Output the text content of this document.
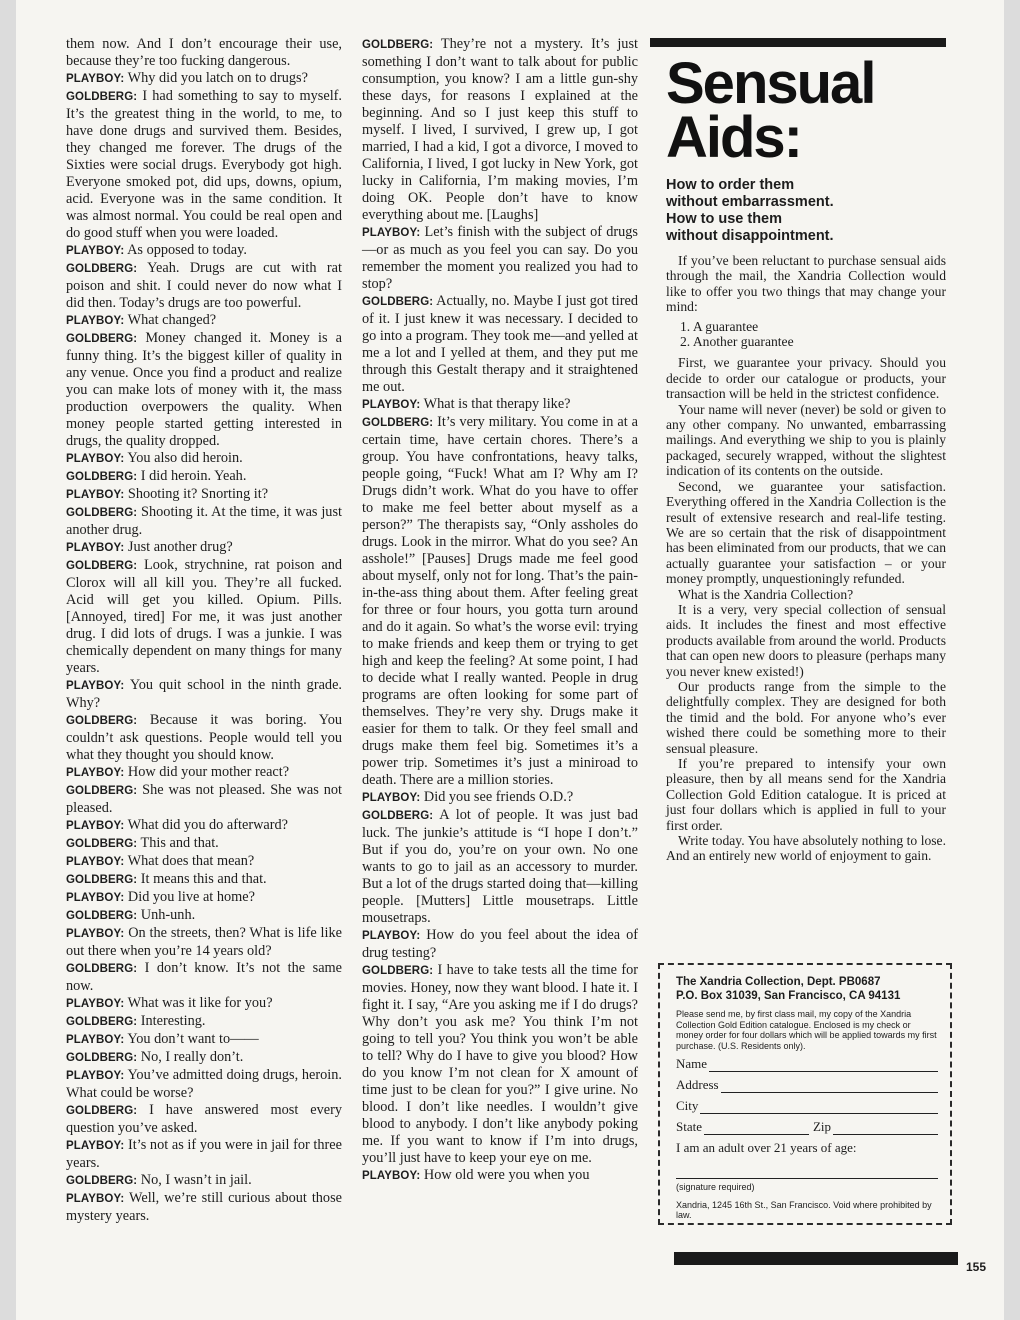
them now. And I don’t encourage their use, because they’re too fucking dangerous.

PLAYBOY: Why did you latch on to drugs?

GOLDBERG: I had something to say to myself. It’s the greatest thing in the world, to me, to have done drugs and survived them. Besides, they changed me forever. The drugs of the Sixties were social drugs. Everybody got high. Everyone smoked pot, did ups, downs, opium, acid. Everyone was in the same condition. It was almost normal. You could be real open and do good stuff when you were loaded.

PLAYBOY: As opposed to today.

GOLDBERG: Yeah. Drugs are cut with rat poison and shit. I could never do now what I did then. Today’s drugs are too powerful.

PLAYBOY: What changed?

GOLDBERG: Money changed it. Money is a funny thing. It’s the biggest killer of quality in any venue. Once you find a product and realize you can make lots of money with it, the mass production overpowers the quality. When money people started getting interested in drugs, the quality dropped.

PLAYBOY: You also did heroin.

GOLDBERG: I did heroin. Yeah.

PLAYBOY: Shooting it? Snorting it?

GOLDBERG: Shooting it. At the time, it was just another drug.

PLAYBOY: Just another drug?

GOLDBERG: Look, strychnine, rat poison and Clorox will all kill you. They’re all fucked. Acid will get you killed. Opium. Pills. [Annoyed, tired] For me, it was just another drug. I did lots of drugs. I was a junkie. I was chemically dependent on many things for many years.

PLAYBOY: You quit school in the ninth grade. Why?

GOLDBERG: Because it was boring. You couldn’t ask questions. People would tell you what they thought you should know.

PLAYBOY: How did your mother react?

GOLDBERG: She was not pleased. She was not pleased.

PLAYBOY: What did you do afterward?

GOLDBERG: This and that.

PLAYBOY: What does that mean?

GOLDBERG: It means this and that.

PLAYBOY: Did you live at home?

GOLDBERG: Unh-unh.

PLAYBOY: On the streets, then? What is life like out there when you’re 14 years old?

GOLDBERG: I don’t know. It’s not the same now.

PLAYBOY: What was it like for you?

GOLDBERG: Interesting.

PLAYBOY: You don’t want to——

GOLDBERG: No, I really don’t.

PLAYBOY: You’ve admitted doing drugs, heroin. What could be worse?

GOLDBERG: I have answered most every question you’ve asked.

PLAYBOY: It’s not as if you were in jail for three years.

GOLDBERG: No, I wasn’t in jail.

PLAYBOY: Well, we’re still curious about those mystery years.

GOLDBERG: They’re not a mystery. It’s just something I don’t want to talk about for public consumption, you know? I am a little gun-shy these days, for reasons I explained at the beginning. And so I just keep this stuff to myself. I lived, I survived, I grew up, I got married, I had a kid, I got a divorce, I moved to California, I lived, I got lucky in New York, got lucky in California, I’m making movies, I’m doing OK. People don’t have to know everything about me. [Laughs]

PLAYBOY: Let’s finish with the subject of drugs—or as much as you feel you can say. Do you remember the moment you realized you had to stop?

GOLDBERG: Actually, no. Maybe I just got tired of it. I just knew it was necessary. I decided to go into a program. They took me—and yelled at me a lot and I yelled at them, and they put me through this Gestalt therapy and it straightened me out.

PLAYBOY: What is that therapy like?

GOLDBERG: It’s very military. You come in at a certain time, have certain chores. There’s a group. You have confrontations, heavy talks, people going, “Fuck! What am I? Why am I? Drugs didn’t work. What do you have to offer to make me feel better about myself as a person?” The therapists say, “Only assholes do drugs. Look in the mirror. What do you see? An asshole!” [Pauses] Drugs made me feel good about myself, only not for long. That’s the pain-in-the-ass thing about them. After feeling great for three or four hours, you gotta turn around and do it again. So what’s the worse evil: trying to make friends and keep them or trying to get high and keep the feeling? At some point, I had to decide what I really wanted. People in drug programs are often looking for some part of themselves. They’re very shy. Drugs make it easier for them to talk. Or they feel small and drugs make them feel big. Sometimes it’s a power trip. Sometimes it’s just a miniroad to death. There are a million stories.

PLAYBOY: Did you see friends O.D.?

GOLDBERG: A lot of people. It was just bad luck. The junkie’s attitude is “I hope I don’t.” But if you do, you’re on your own. No one wants to go to jail as an accessory to murder. But a lot of the drugs started doing that—killing people. [Mutters] Little mousetraps. Little mousetraps.

PLAYBOY: How do you feel about the idea of drug testing?

GOLDBERG: I have to take tests all the time for movies. Honey, now they want blood. I hate it. I fight it. I say, “Are you asking me if I do drugs? Why don’t you ask me? You think I’m not going to tell you? You think you won’t be able to tell? Why do I have to give you blood? How do you know I’m not clean for X amount of time just to be clean for you?” I give urine. No blood. I don’t like needles. I wouldn’t give blood to anybody. I don’t like anybody poking me. If you want to know if I’m into drugs, you’ll just have to keep your eye on me.

PLAYBOY: How old were you when you

Sensual
Aids:
How to order them
without embarrassment.
How to use them
without disappointment.

If you’ve been reluctant to purchase sensual aids through the mail, the Xandria Collection would like to offer you two things that may change your mind:

1. A guarantee
2. Another guarantee

First, we guarantee your privacy. Should you decide to order our catalogue or products, your transaction will be held in the strictest confidence.

Your name will never (never) be sold or given to any other company. No unwanted, embarrassing mailings. And everything we ship to you is plainly packaged, securely wrapped, without the slightest indication of its contents on the outside.

Second, we guarantee your satisfaction. Everything offered in the Xandria Collection is the result of extensive research and real-life testing. We are so certain that the risk of disappointment has been eliminated from our products, that we can actually guarantee your satisfaction – or your money promptly, unquestioningly refunded.

What is the Xandria Collection?

It is a very, very special collection of sensual aids. It includes the finest and most effective products available from around the world. Products that can open new doors to pleasure (perhaps many you never knew existed!)

Our products range from the simple to the delightfully complex. They are designed for both the timid and the bold. For anyone who’s ever wished there could be something more to their sensual pleasure.

If you’re prepared to intensify your own pleasure, then by all means send for the Xandria Collection Gold Edition catalogue. It is priced at just four dollars which is applied in full to your first order.

Write today. You have absolutely nothing to lose. And an entirely new world of enjoyment to gain.

The Xandria Collection, Dept. PB0687
P.O. Box 31039, San Francisco, CA 94131
Please send me, by first class mail, my copy of the Xandria Collection Gold Edition catalogue. Enclosed is my check or money order for four dollars which will be applied towards my first purchase. (U.S. Residents only).
Name
Address
City
State	Zip
I am an adult over 21 years of age:
(signature required)
Xandria, 1245 16th St., San Francisco. Void where prohibited by law.
155
